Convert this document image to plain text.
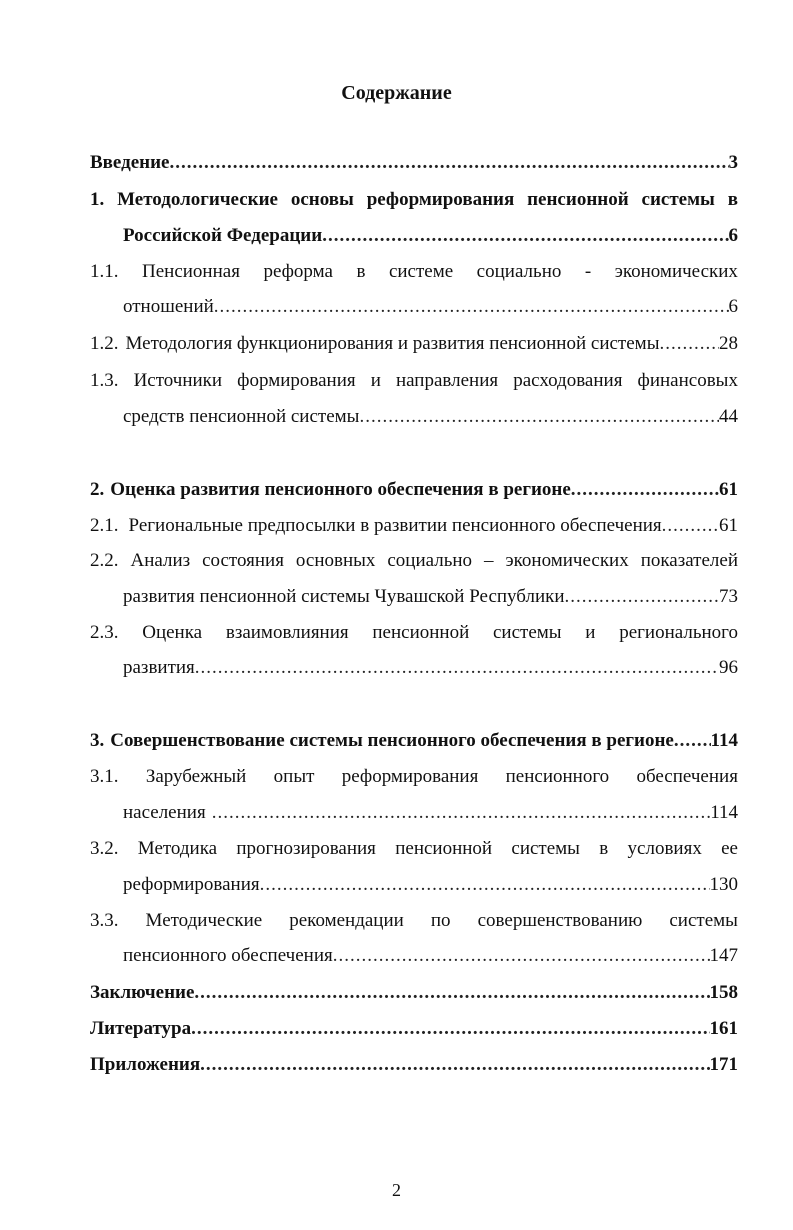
Содержание
Введение .....	3
1. Методологические основы реформирования пенсионной системы в
Российской Федерации .....	6
1.1. Пенсионная реформа в системе социально - экономических
отношений .....	6
1.2. Методология функционирования и развития пенсионной системы .....	28
1.3. Источники формирования и направления расходования финансовых
средств пенсионной системы .....	44
2. Оценка развития пенсионного обеспечения в регионе .....	61
2.1. Региональные предпосылки в развитии пенсионного обеспечения .....	61
2.2. Анализ состояния основных социально – экономических показателей
развития пенсионной системы Чувашской Республики .....	73
2.3. Оценка взаимовлияния пенсионной системы и регионального
развития .....	96
3. Совершенствование системы пенсионного обеспечения в регионе ..... 114
3.1. Зарубежный опыт реформирования пенсионного обеспечения
населения .....	114
3.2. Методика прогнозирования пенсионной системы в условиях ее
реформирования .....	130
3.3. Методические рекомендации по совершенствованию системы
пенсионного обеспечения .....	147
Заключение .....	158
Литература .....	161
Приложения .....	171
2
